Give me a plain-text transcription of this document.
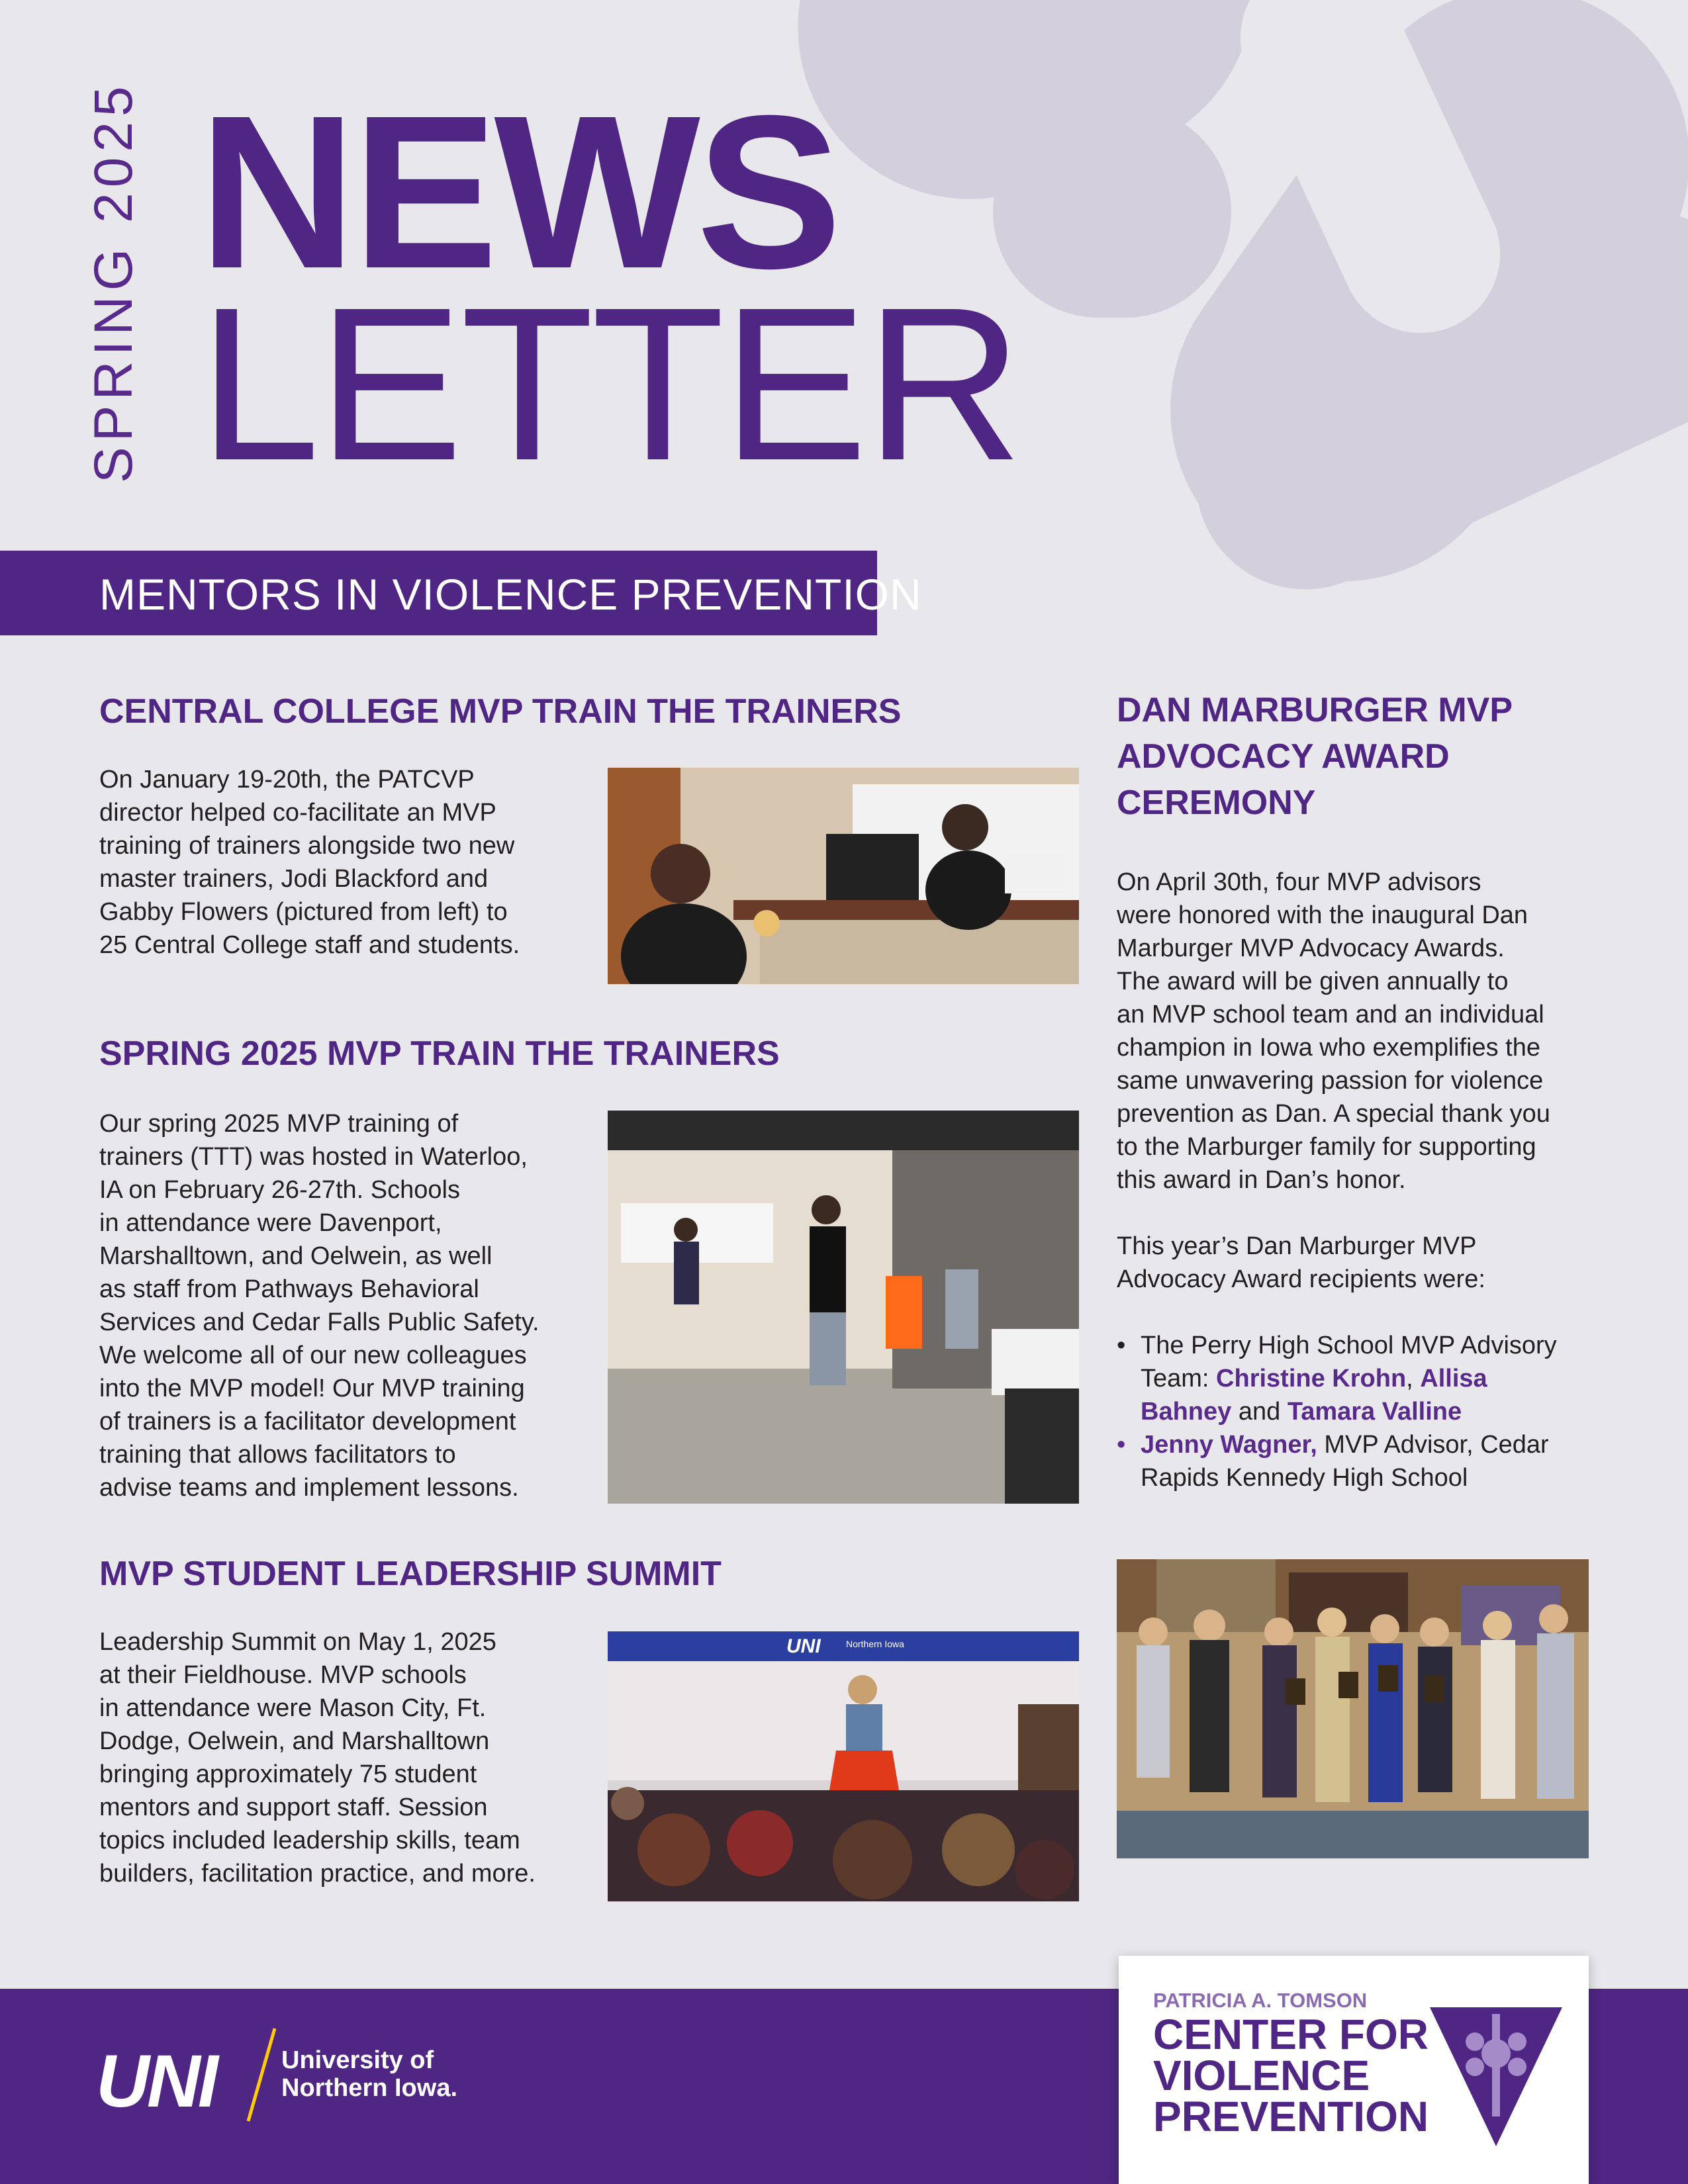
SPRING 2025 NEWS
LETTER
MENTORS IN VIOLENCE PREVENTION
CENTRAL COLLEGE MVP TRAIN THE TRAINERS

On January 19-20th, the PATCVP
director helped co-facilitate an MVP
training of trainers alongside two new
master trainers, Jodi Blackford and
Gabby Flowers (pictured from left) to
25 Central College staff and students.

SPRING 2025 MVP TRAIN THE TRAINERS

Our spring 2025 MVP training of
trainers (TTT) was hosted in Waterloo,
IA on February 26-27th. Schools
in attendance were Davenport,
Marshalltown, and Oelwein, as well
as staff from Pathways Behavioral
Services and Cedar Falls Public Safety.
We welcome all of our new colleagues
into the MVP model! Our MVP training
of trainers is a facilitator development
training that allows facilitators to
advise teams and implement lessons.

MVP STUDENT LEADERSHIP SUMMIT

Leadership Summit on May 1, 2025
at their Fieldhouse. MVP schools
in attendance were Mason City, Ft.
Dodge, Oelwein, and Marshalltown
bringing approximately 75 student
mentors and support staff. Session
topics included leadership skills, team
builders, facilitation practice, and more.

UNI	Northern Iowa
DAN MARBURGER MVP
ADVOCACY AWARD
CEREMONY

On April 30th, four MVP advisors
were honored with the inaugural Dan
Marburger MVP Advocacy Awards.
The award will be given annually to
an MVP school team and an individual
champion in Iowa who exemplifies the
same unwavering passion for violence
prevention as Dan. A special thank you
to the Marburger family for supporting
this award in Dan’s honor.

This year’s Dan Marburger MVP
Advocacy Award recipients were:

• The Perry High School MVP Advisory
Team: Christine Krohn, Allisa
Bahney and Tamara Valline
• Jenny Wagner, MVP Advisor, Cedar
Rapids Kennedy High School
UNI	University of
Northern Iowa.
PATRICIA A. TOMSON
CENTER FOR
VIOLENCE
PREVENTION
